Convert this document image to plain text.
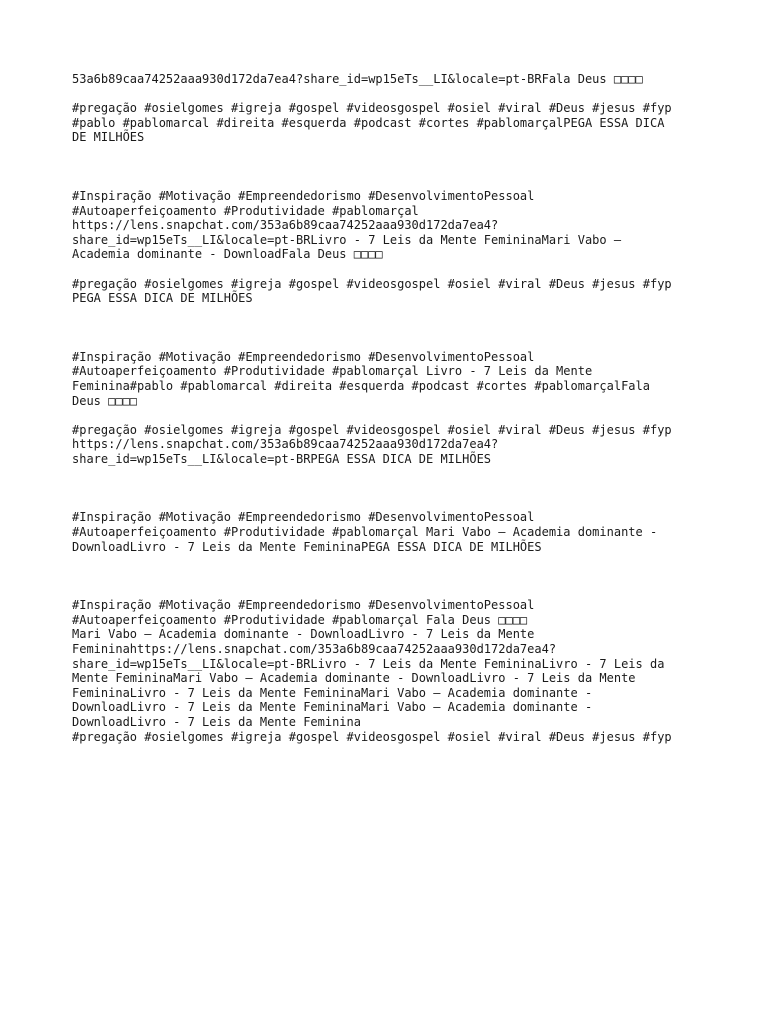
53a6b89caa74252aaa930d172da7ea4?share_id=wp15eTs__LI&locale=pt-BRFala Deus □□□□

#pregação #osielgomes #igreja #gospel #videosgospel #osiel #viral #Deus #jesus #fyp
#pablo #pablomarcal #direita #esquerda #podcast #cortes #pablomarçalPEGA ESSA DICA
DE MILHÕES

#Inspiração #Motivação #Empreendedorismo #DesenvolvimentoPessoal
#Autoaperfeiçoamento #Produtividade #pablomarçal
https://lens.snapchat.com/353a6b89caa74252aaa930d172da7ea4?
share_id=wp15eTs__LI&locale=pt-BRLivro - 7 Leis da Mente FemininaMari Vabo –
Academia dominante - DownloadFala Deus □□□□

#pregação #osielgomes #igreja #gospel #videosgospel #osiel #viral #Deus #jesus #fyp
PEGA ESSA DICA DE MILHÕES

#Inspiração #Motivação #Empreendedorismo #DesenvolvimentoPessoal
#Autoaperfeiçoamento #Produtividade #pablomarçal Livro - 7 Leis da Mente
Feminina#pablo #pablomarcal #direita #esquerda #podcast #cortes #pablomarçalFala
Deus □□□□

#pregação #osielgomes #igreja #gospel #videosgospel #osiel #viral #Deus #jesus #fyp
https://lens.snapchat.com/353a6b89caa74252aaa930d172da7ea4?
share_id=wp15eTs__LI&locale=pt-BRPEGA ESSA DICA DE MILHÕES

#Inspiração #Motivação #Empreendedorismo #DesenvolvimentoPessoal
#Autoaperfeiçoamento #Produtividade #pablomarçal Mari Vabo – Academia dominante -
DownloadLivro - 7 Leis da Mente FemininaPEGA ESSA DICA DE MILHÕES

#Inspiração #Motivação #Empreendedorismo #DesenvolvimentoPessoal
#Autoaperfeiçoamento #Produtividade #pablomarçal Fala Deus □□□□
Mari Vabo – Academia dominante - DownloadLivro - 7 Leis da Mente
Femininahttps://lens.snapchat.com/353a6b89caa74252aaa930d172da7ea4?
share_id=wp15eTs__LI&locale=pt-BRLivro - 7 Leis da Mente FemininaLivro - 7 Leis da
Mente FemininaMari Vabo – Academia dominante - DownloadLivro - 7 Leis da Mente
FemininaLivro - 7 Leis da Mente FemininaMari Vabo – Academia dominante -
DownloadLivro - 7 Leis da Mente FemininaMari Vabo – Academia dominante -
DownloadLivro - 7 Leis da Mente Feminina
#pregação #osielgomes #igreja #gospel #videosgospel #osiel #viral #Deus #jesus #fyp
